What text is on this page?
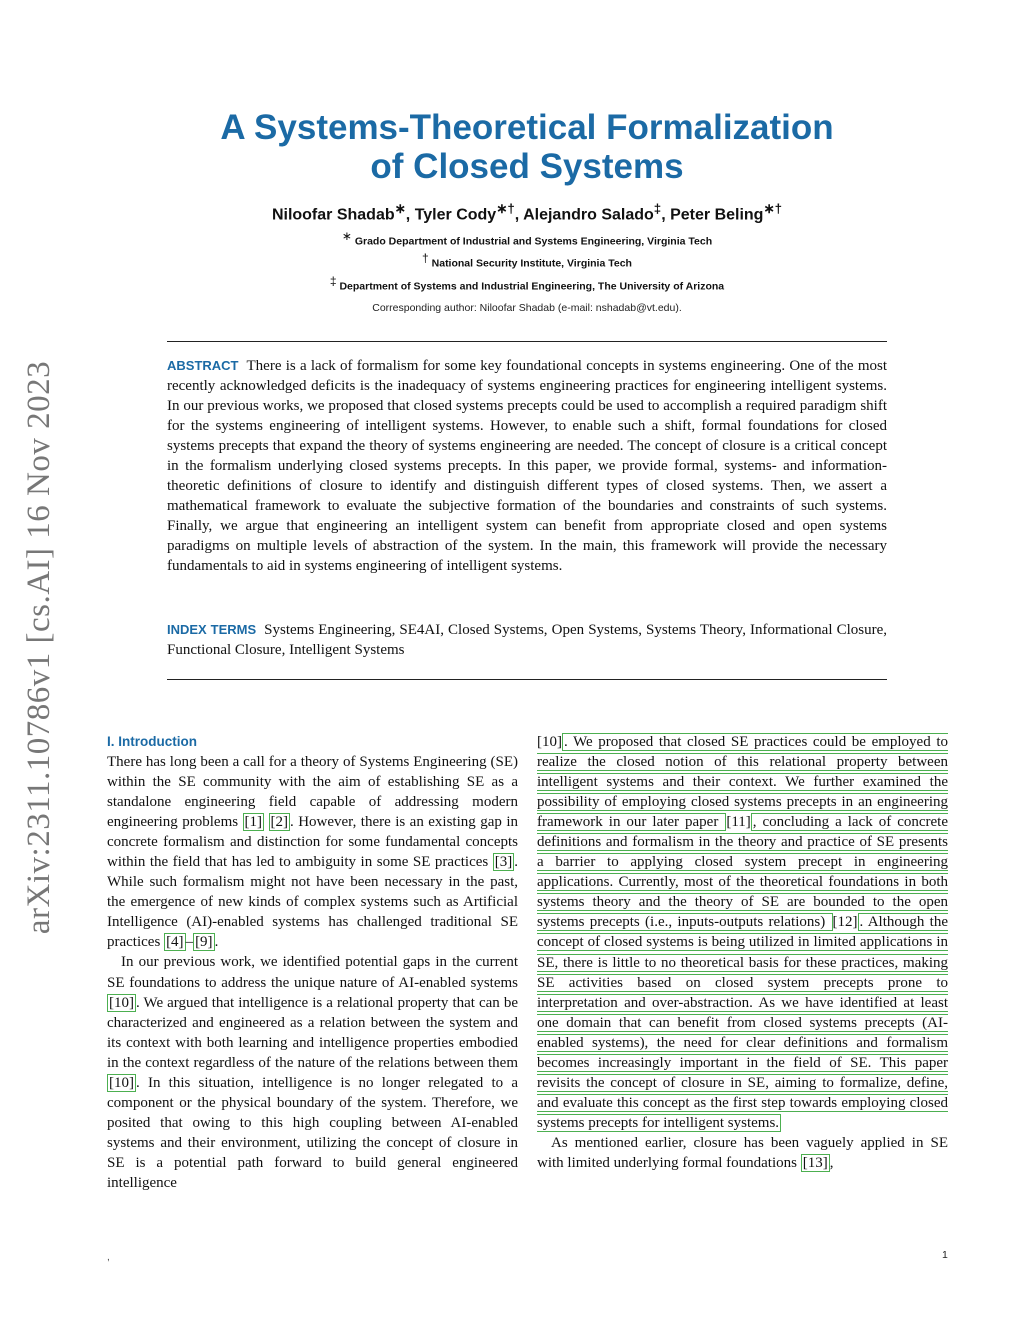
arXiv:2311.10786v1 [cs.AI] 16 Nov 2023
A Systems-Theoretical Formalization
of Closed Systems
Niloofar Shadab∗, Tyler Cody∗†, Alejandro Salado‡, Peter Beling∗†
∗ Grado Department of Industrial and Systems Engineering, Virginia Tech
† National Security Institute, Virginia Tech
‡ Department of Systems and Industrial Engineering, The University of Arizona
Corresponding author: Niloofar Shadab (e-mail: nshadab@vt.edu).

ABSTRACT There is a lack of formalism for some key foundational concepts in systems engineering. One of the most recently acknowledged deficits is the inadequacy of systems engineering practices for engineering intelligent systems. In our previous works, we proposed that closed systems precepts could be used to accomplish a required paradigm shift for the systems engineering of intelligent systems. However, to enable such a shift, formal foundations for closed systems precepts that expand the theory of systems engineering are needed. The concept of closure is a critical concept in the formalism underlying closed systems precepts. In this paper, we provide formal, systems- and information-theoretic definitions of closure to identify and distinguish different types of closed systems. Then, we assert a mathematical framework to evaluate the subjective formation of the boundaries and constraints of such systems. Finally, we argue that engineering an intelligent system can benefit from appropriate closed and open systems paradigms on multiple levels of abstraction of the system. In the main, this framework will provide the necessary fundamentals to aid in systems engineering of intelligent systems.

INDEX TERMS Systems Engineering, SE4AI, Closed Systems, Open Systems, Systems Theory, Informational Closure, Functional Closure, Intelligent Systems

I. Introduction

There has long been a call for a theory of Systems Engineering (SE) within the SE community with the aim of establishing SE as a standalone engineering field capable of addressing modern engineering problems [1] [2] . However, there is an existing gap in concrete formalism and distinction for some fundamental concepts within the field that has led to ambiguity in some SE practices [3] . While such formalism might not have been necessary in the past, the emergence of new kinds of complex systems such as Artificial Intelligence (AI)-enabled systems has challenged traditional SE practices [4] – [9] .

In our previous work, we identified potential gaps in the current SE foundations to address the unique nature of AI-enabled systems [10] . We argued that intelligence is a relational property that can be characterized and engineered as a relation between the system and its context with both learning and intelligence properties embodied in the context regardless of the nature of the relations between them [10] . In this situation, intelligence is no longer relegated to a component or the physical boundary of the system. Therefore, we posited that owing to this high coupling between AI-enabled systems and their environment, utilizing the concept of closure in SE is a potential path forward to build general engineered intelligence

[10] . We proposed that closed SE practices could be employed to realize the closed notion of this relational property between intelligent systems and their context. We further examined the possibility of employing closed systems precepts in an engineering framework in our later paper [11] , concluding a lack of concrete definitions and formalism in the theory and practice of SE presents a barrier to applying closed system precept in engineering applications. Currently, most of the theoretical foundations in both systems theory and the theory of SE are bounded to the open systems precepts (i.e., inputs-outputs relations) [12] . Although the concept of closed systems is being utilized in limited applications in SE, there is little to no theoretical basis for these practices, making SE activities based on closed system precepts prone to interpretation and over-abstraction. As we have identified at least one domain that can benefit from closed systems precepts (AI-enabled systems), the need for clear definitions and formalism becomes increasingly important in the field of SE. This paper revisits the concept of closure in SE, aiming to formalize, define, and evaluate this concept as the first step towards employing closed systems precepts for intelligent systems.

As mentioned earlier, closure has been vaguely applied in SE with limited underlying formal foundations [13] ,

,	1
